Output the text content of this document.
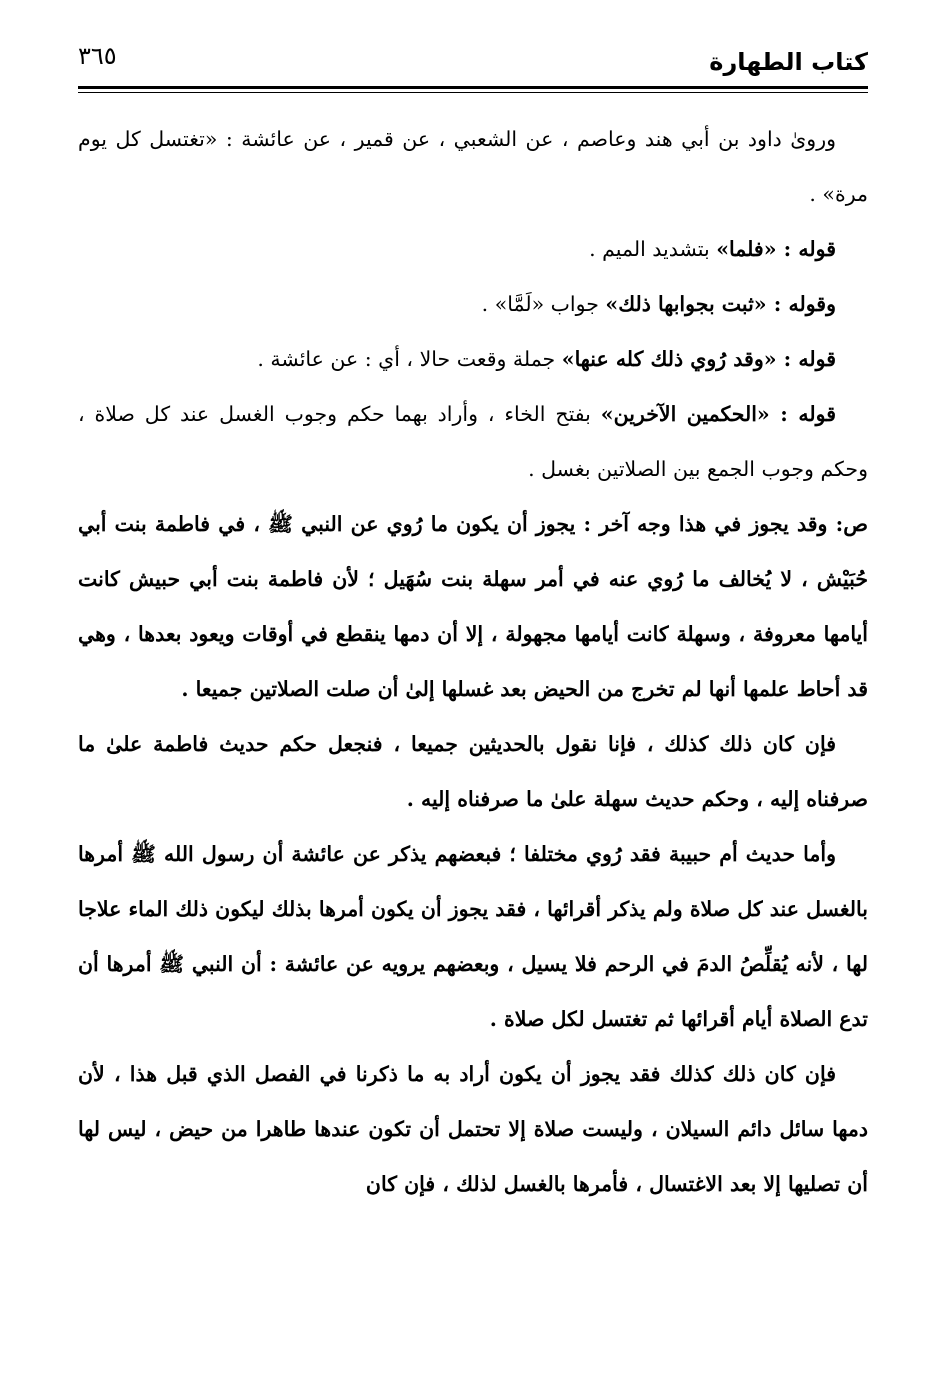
كتاب الطهارة
٣٦٥

وروىٰ داود بن أبي هند وعاصم ، عن الشعبي ، عن قمير ، عن عائشة : «تغتسل كل يوم مرة» .

قوله : «فلما» بتشديد الميم .

وقوله : «ثبت بجوابها ذلك» جواب «لَمَّا» .

قوله : «وقد رُوي ذلك كله عنها» جملة وقعت حالا ، أي : عن عائشة .

قوله : «الحكمين الآخرين» بفتح الخاء ، وأراد بهما حكم وجوب الغسل عند كل صلاة ، وحكم وجوب الجمع بين الصلاتين بغسل .

ص: وقد يجوز في هذا وجه آخر : يجوز أن يكون ما رُوي عن النبي ﷺ ، في فاطمة بنت أبي حُبَيْش ، لا يُخالف ما رُوي عنه في أمر سهلة بنت سُهَيل ؛ لأن فاطمة بنت أبي حبيش كانت أيامها معروفة ، وسهلة كانت أيامها مجهولة ، إلا أن دمها ينقطع في أوقات ويعود بعدها ، وهي قد أحاط علمها أنها لم تخرج من الحيض بعد غسلها إلىٰ أن صلت الصلاتين جميعا .

فإن كان ذلك كذلك ، فإنا نقول بالحديثين جميعا ، فنجعل حكم حديث فاطمة علىٰ ما صرفناه إليه ، وحكم حديث سهلة علىٰ ما صرفناه إليه .

وأما حديث أم حبيبة فقد رُوي مختلفا ؛ فبعضهم يذكر عن عائشة أن رسول الله ﷺ أمرها بالغسل عند كل صلاة ولم يذكر أقرائها ، فقد يجوز أن يكون أمرها بذلك ليكون ذلك الماء علاجا لها ، لأنه يُقلِّصُ الدمَ في الرحم فلا يسيل ، وبعضهم يرويه عن عائشة : أن النبي ﷺ أمرها أن تدع الصلاة أيام أقرائها ثم تغتسل لكل صلاة .

فإن كان ذلك كذلك فقد يجوز أن يكون أراد به ما ذكرنا في الفصل الذي قبل هذا ، لأن دمها سائل دائم السيلان ، وليست صلاة إلا تحتمل أن تكون عندها طاهرا من حيض ، ليس لها أن تصليها إلا بعد الاغتسال ، فأمرها بالغسل لذلك ، فإن كان
